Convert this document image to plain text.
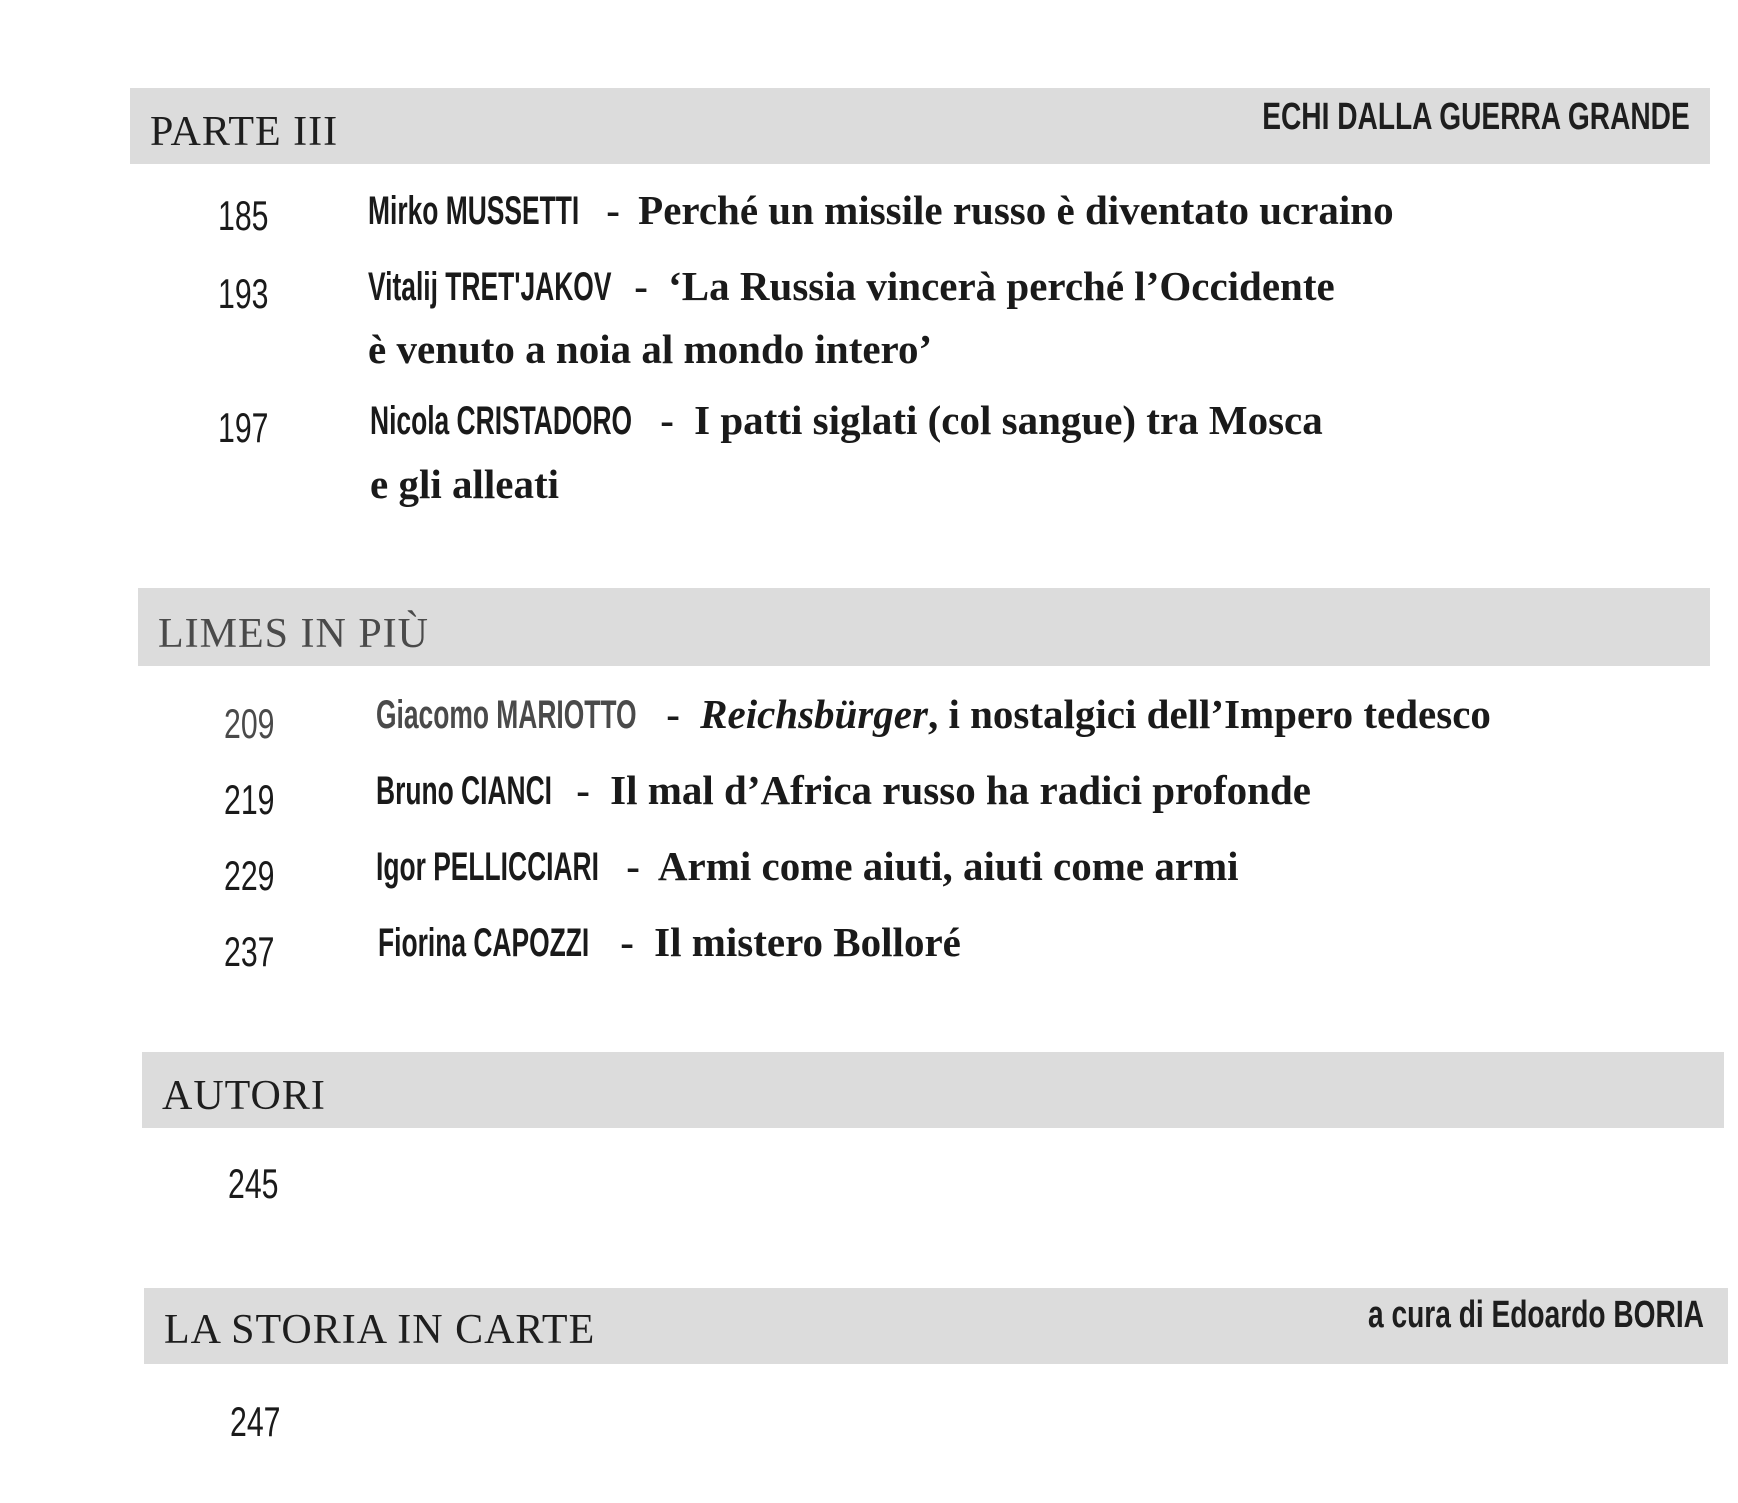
PARTE III	ECHI DALLA GUERRA GRANDE
185 Mirko MUSSETTI - Perché un missile russo è diventato ucraino
193 Vitalij TRET'JAKOV - ‘La Russia vincerà perché l’Occidente
è venuto a noia al mondo intero’
197	Nicola CRISTADORO - I patti siglati (col sangue) tra Mosca
e gli alleati
LIMES IN PIÙ
209	Giacomo MARIOTTO - Reichsbürger, i nostalgici dell’Impero tedesco
219	Bruno CIANCI - Il mal d’Africa russo ha radici profonde
229	Igor PELLICCIARI - Armi come aiuti, aiuti come armi
237	Fiorina CAPOZZI - Il mistero Bolloré
AUTORI
245
LA STORIA IN CARTE	a cura di Edoardo BORIA
247
